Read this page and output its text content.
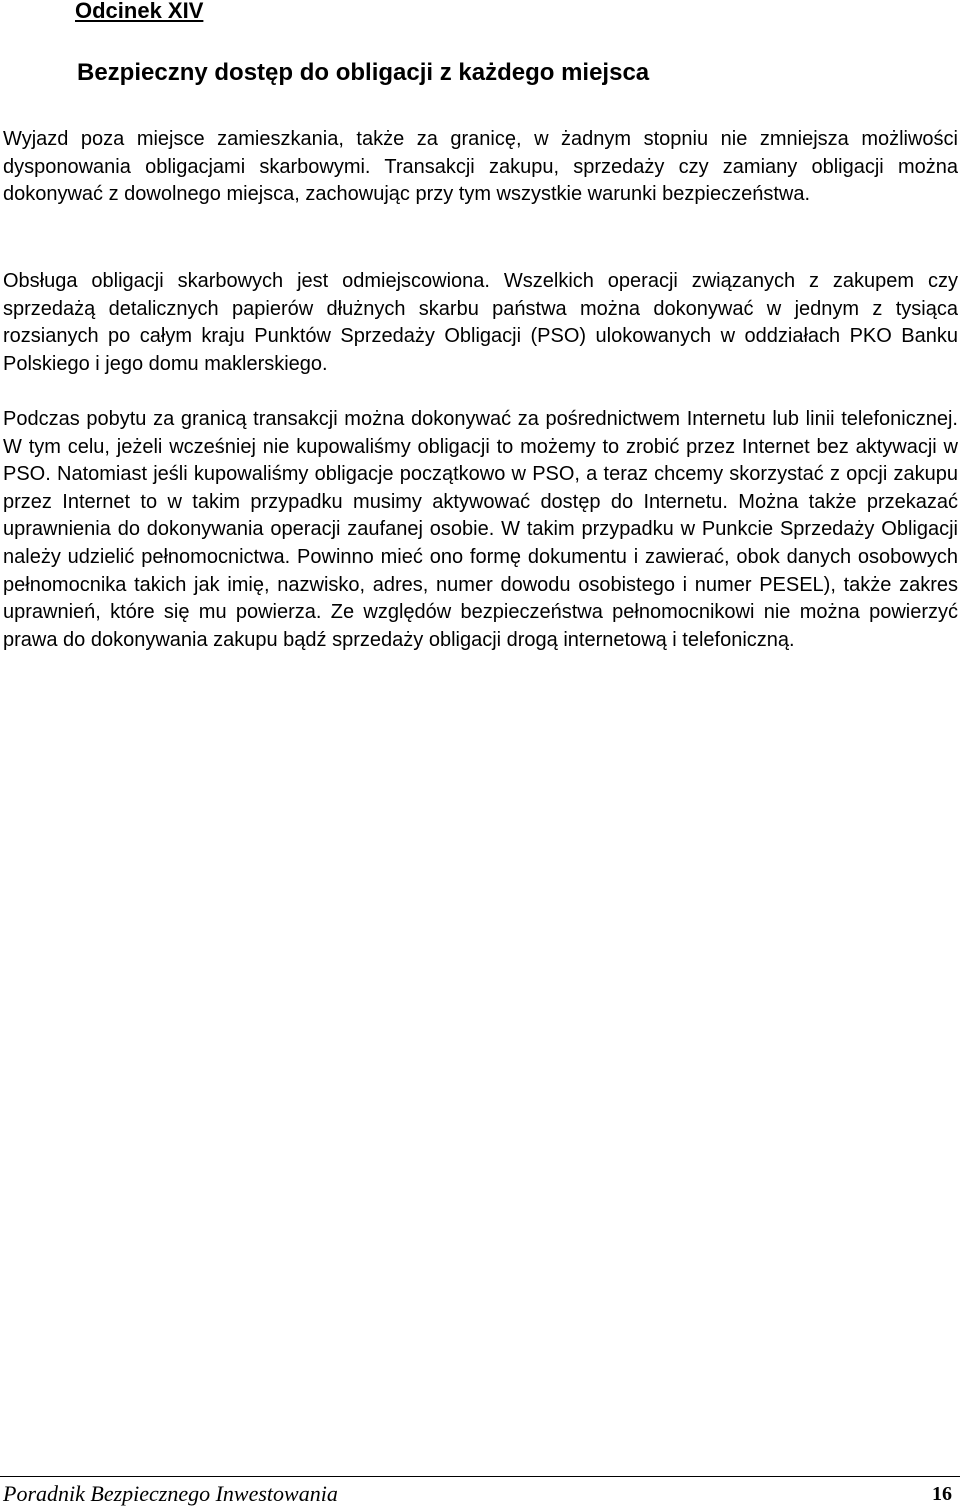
Odcinek XIV
Bezpieczny dostęp do obligacji z każdego miejsca

Wyjazd poza miejsce zamieszkania, także za granicę, w żadnym stopniu nie zmniejsza możliwości dysponowania obligacjami skarbowymi. Transakcji zakupu, sprzedaży czy zamiany obligacji można dokonywać z dowolnego miejsca, zachowując przy tym wszystkie warunki bezpieczeństwa.

Obsługa obligacji skarbowych jest odmiejscowiona. Wszelkich operacji związanych z zakupem czy sprzedażą detalicznych papierów dłużnych skarbu państwa można dokonywać w jednym z tysiąca rozsianych po całym kraju Punktów Sprzedaży Obligacji (PSO) ulokowanych w oddziałach PKO Banku Polskiego i jego domu maklerskiego.

Podczas pobytu za granicą transakcji można dokonywać za pośrednictwem Internetu lub linii telefonicznej. W tym celu, jeżeli wcześniej nie kupowaliśmy obligacji to możemy to zrobić przez Internet bez aktywacji w PSO. Natomiast jeśli kupowaliśmy obligacje początkowo w PSO, a teraz chcemy skorzystać z opcji zakupu przez Internet to w takim przypadku musimy aktywować dostęp do Internetu. Można także przekazać uprawnienia do dokonywania operacji zaufanej osobie. W takim przypadku w Punkcie Sprzedaży Obligacji należy udzielić pełnomocnictwa. Powinno mieć ono formę dokumentu i zawierać, obok danych osobowych pełnomocnika takich jak imię, nazwisko, adres, numer dowodu osobistego i numer PESEL), także zakres uprawnień, które się mu powierza. Ze względów bezpieczeństwa pełnomocnikowi nie można powierzyć prawa do dokonywania zakupu bądź sprzedaży obligacji drogą internetową i telefoniczną.

Poradnik Bezpiecznego Inwestowania	16
